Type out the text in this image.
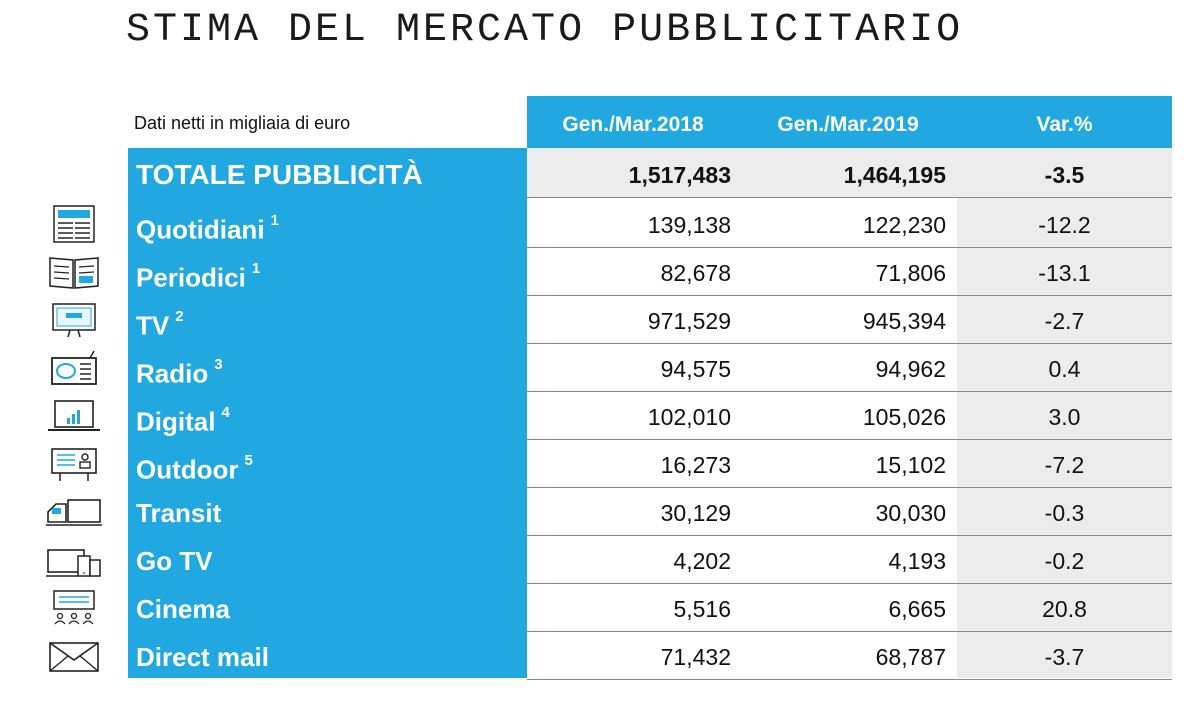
STIMA DEL MERCATO PUBBLICITARIO
Dati netti in migliaia di euro	Gen./Mar.2018	Gen./Mar.2019	Var.%
TOTALE PUBBLICITÀ	1,517,483	1,464,195	-3.5
Quotidiani $^1$	139,138	122,230	-12.2
Periodici $^1$	82,678	71,806	-13.1
TV $^2$	971,529	945,394	-2.7
Radio $^3$	94,575	94,962	0.4
Digital $^4$	102,010	105,026	3.0
Outdoor $^5$	16,273	15,102	-7.2
Transit	30,129	30,030	-0.3
Go TV	4,202	4,193	-0.2
Cinema	5,516	6,665	20.8
Direct mail	71,432	68,787	-3.7
